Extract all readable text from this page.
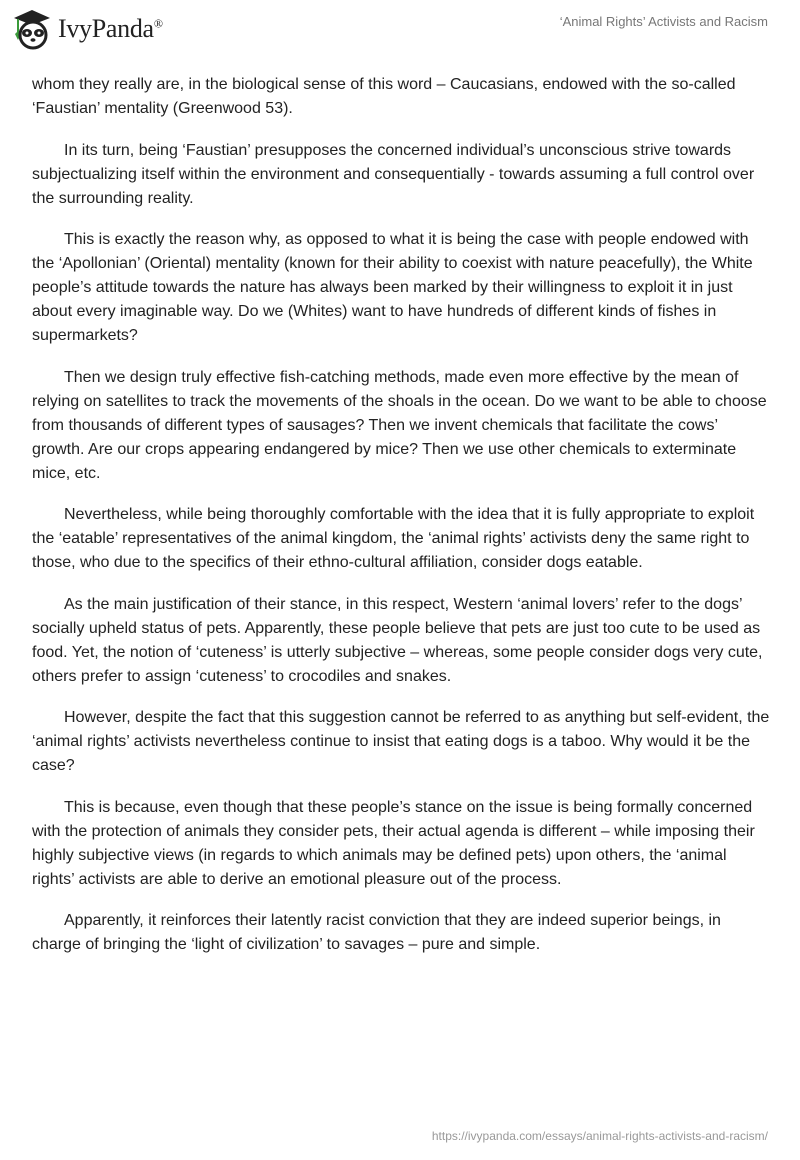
IvyPanda®	‘Animal Rights’ Activists and Racism

whom they really are, in the biological sense of this word – Caucasians, endowed with the so-called ‘Faustian’ mentality (Greenwood 53).

In its turn, being ‘Faustian’ presupposes the concerned individual’s unconscious strive towards subjectualizing itself within the environment and consequentially - towards assuming a full control over the surrounding reality.

This is exactly the reason why, as opposed to what it is being the case with people endowed with the ‘Apollonian’ (Oriental) mentality (known for their ability to coexist with nature peacefully), the White people’s attitude towards the nature has always been marked by their willingness to exploit it in just about every imaginable way. Do we (Whites) want to have hundreds of different kinds of fishes in supermarkets?

Then we design truly effective fish-catching methods, made even more effective by the mean of relying on satellites to track the movements of the shoals in the ocean. Do we want to be able to choose from thousands of different types of sausages? Then we invent chemicals that facilitate the cows’ growth. Are our crops appearing endangered by mice? Then we use other chemicals to exterminate mice, etc.

Nevertheless, while being thoroughly comfortable with the idea that it is fully appropriate to exploit the ‘eatable’ representatives of the animal kingdom, the ‘animal rights’ activists deny the same right to those, who due to the specifics of their ethno-cultural affiliation, consider dogs eatable.

As the main justification of their stance, in this respect, Western ‘animal lovers’ refer to the dogs’ socially upheld status of pets. Apparently, these people believe that pets are just too cute to be used as food. Yet, the notion of ‘cuteness’ is utterly subjective – whereas, some people consider dogs very cute, others prefer to assign ‘cuteness’ to crocodiles and snakes.

However, despite the fact that this suggestion cannot be referred to as anything but self-evident, the ‘animal rights’ activists nevertheless continue to insist that eating dogs is a taboo. Why would it be the case?

This is because, even though that these people’s stance on the issue is being formally concerned with the protection of animals they consider pets, their actual agenda is different – while imposing their highly subjective views (in regards to which animals may be defined pets) upon others, the ‘animal rights’ activists are able to derive an emotional pleasure out of the process.

Apparently, it reinforces their latently racist conviction that they are indeed superior beings, in charge of bringing the ‘light of civilization’ to savages – pure and simple.

https://ivypanda.com/essays/animal-rights-activists-and-racism/
